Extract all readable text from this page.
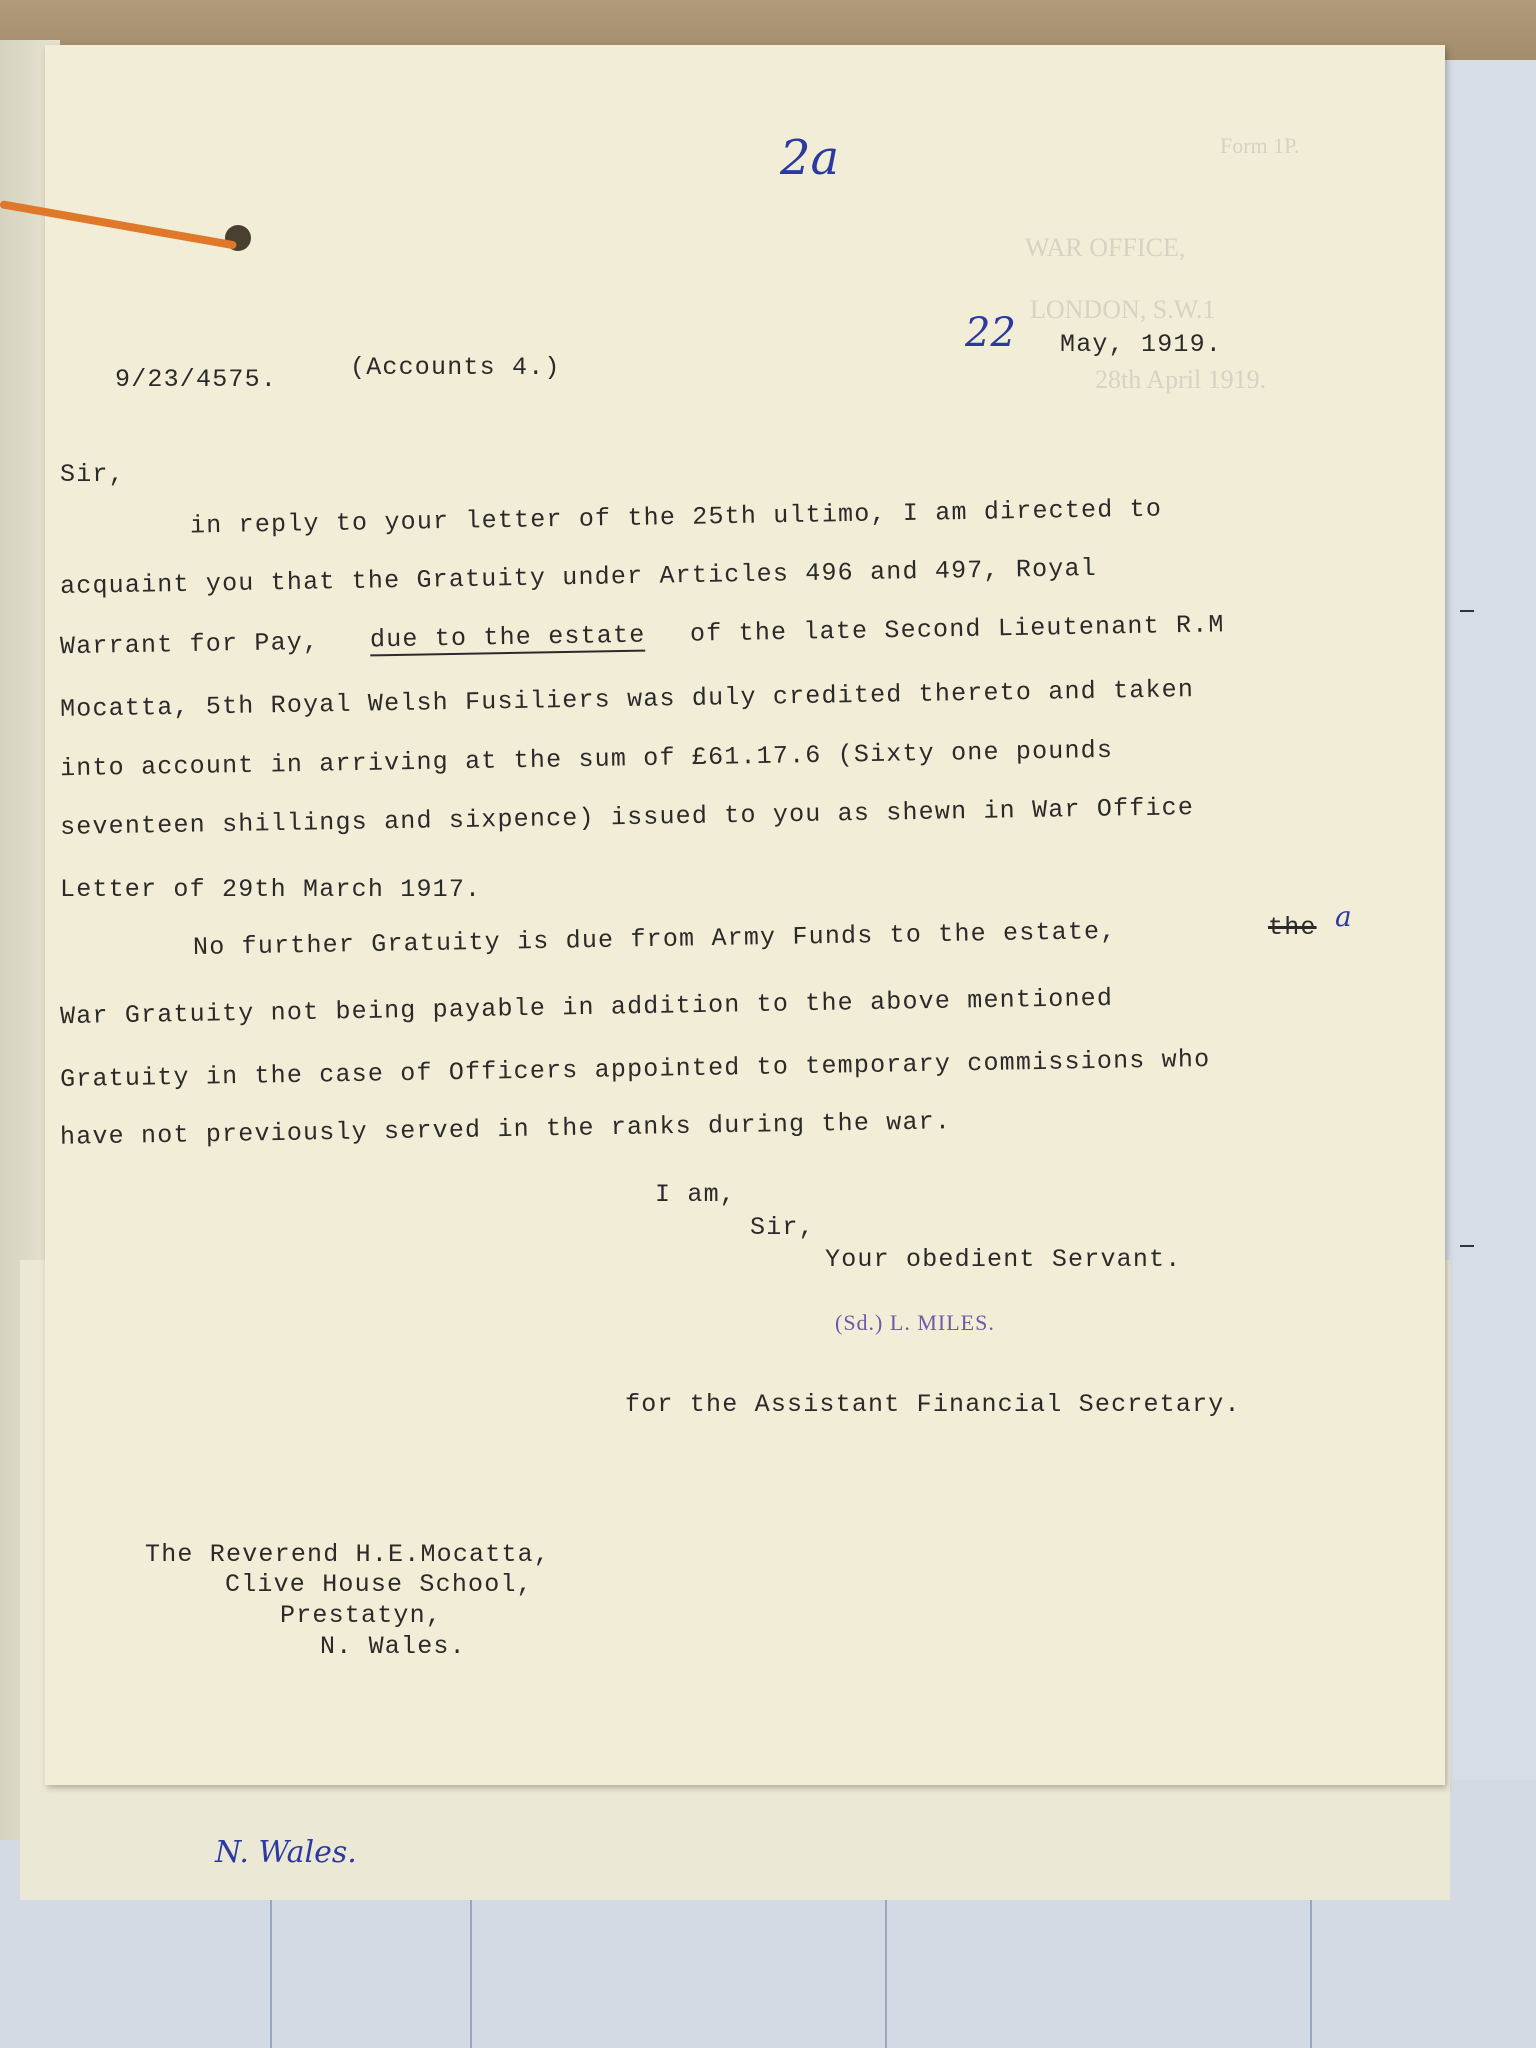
N. Wales.
Form 1P.
WAR OFFICE,
LONDON, S.W.1
28th April 1919.
2a
9/23/4575.	(Accounts 4.)
22 May, 1919.
Sir,
in reply to your letter of the 25th ultimo, I am directed to
acquaint you that the Gratuity under Articles 496 and 497, Royal
Warrant for Pay, due to the estate of the late Second Lieutenant R.M
Mocatta, 5th Royal Welsh Fusiliers was duly credited thereto and taken
into account in arriving at the sum of £61.17.6 (Sixty one pounds
seventeen shillings and sixpence) issued to you as shewn in War Office
Letter of 29th March 1917.
No further Gratuity is due from Army Funds to the estate,	the a
War Gratuity not being payable in addition to the above mentioned
Gratuity in the case of Officers appointed to temporary commissions who
have not previously served in the ranks during the war.
I am,
Sir,
Your obedient Servant.
(Sd.) L. MILES.
for the Assistant Financial Secretary.
The Reverend H.E.Mocatta,
Clive House School,
Prestatyn,
N. Wales.
